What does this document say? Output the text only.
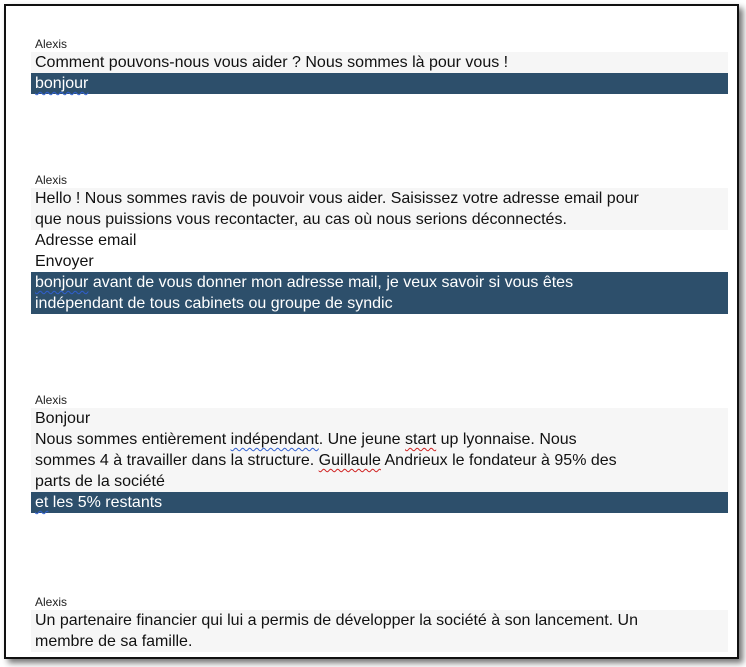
Alexis
Comment pouvons-nous vous aider ? Nous sommes là pour vous !
bonjour
Alexis
Hello ! Nous sommes ravis de pouvoir vous aider. Saisissez votre adresse email pour
que nous puissions vous recontacter, au cas où nous serions déconnectés.
Adresse email
Envoyer
bonjour avant de vous donner mon adresse mail, je veux savoir si vous êtes
indépendant de tous cabinets ou groupe de syndic
Alexis
Bonjour
Nous sommes entièrement indépendant. Une jeune start up lyonnaise. Nous
sommes 4 à travailler dans la structure. Guillaule Andrieux le fondateur à 95% des
parts de la société
et les 5% restants
Alexis
Un partenaire financier qui lui a permis de développer la société à son lancement. Un
membre de sa famille.
